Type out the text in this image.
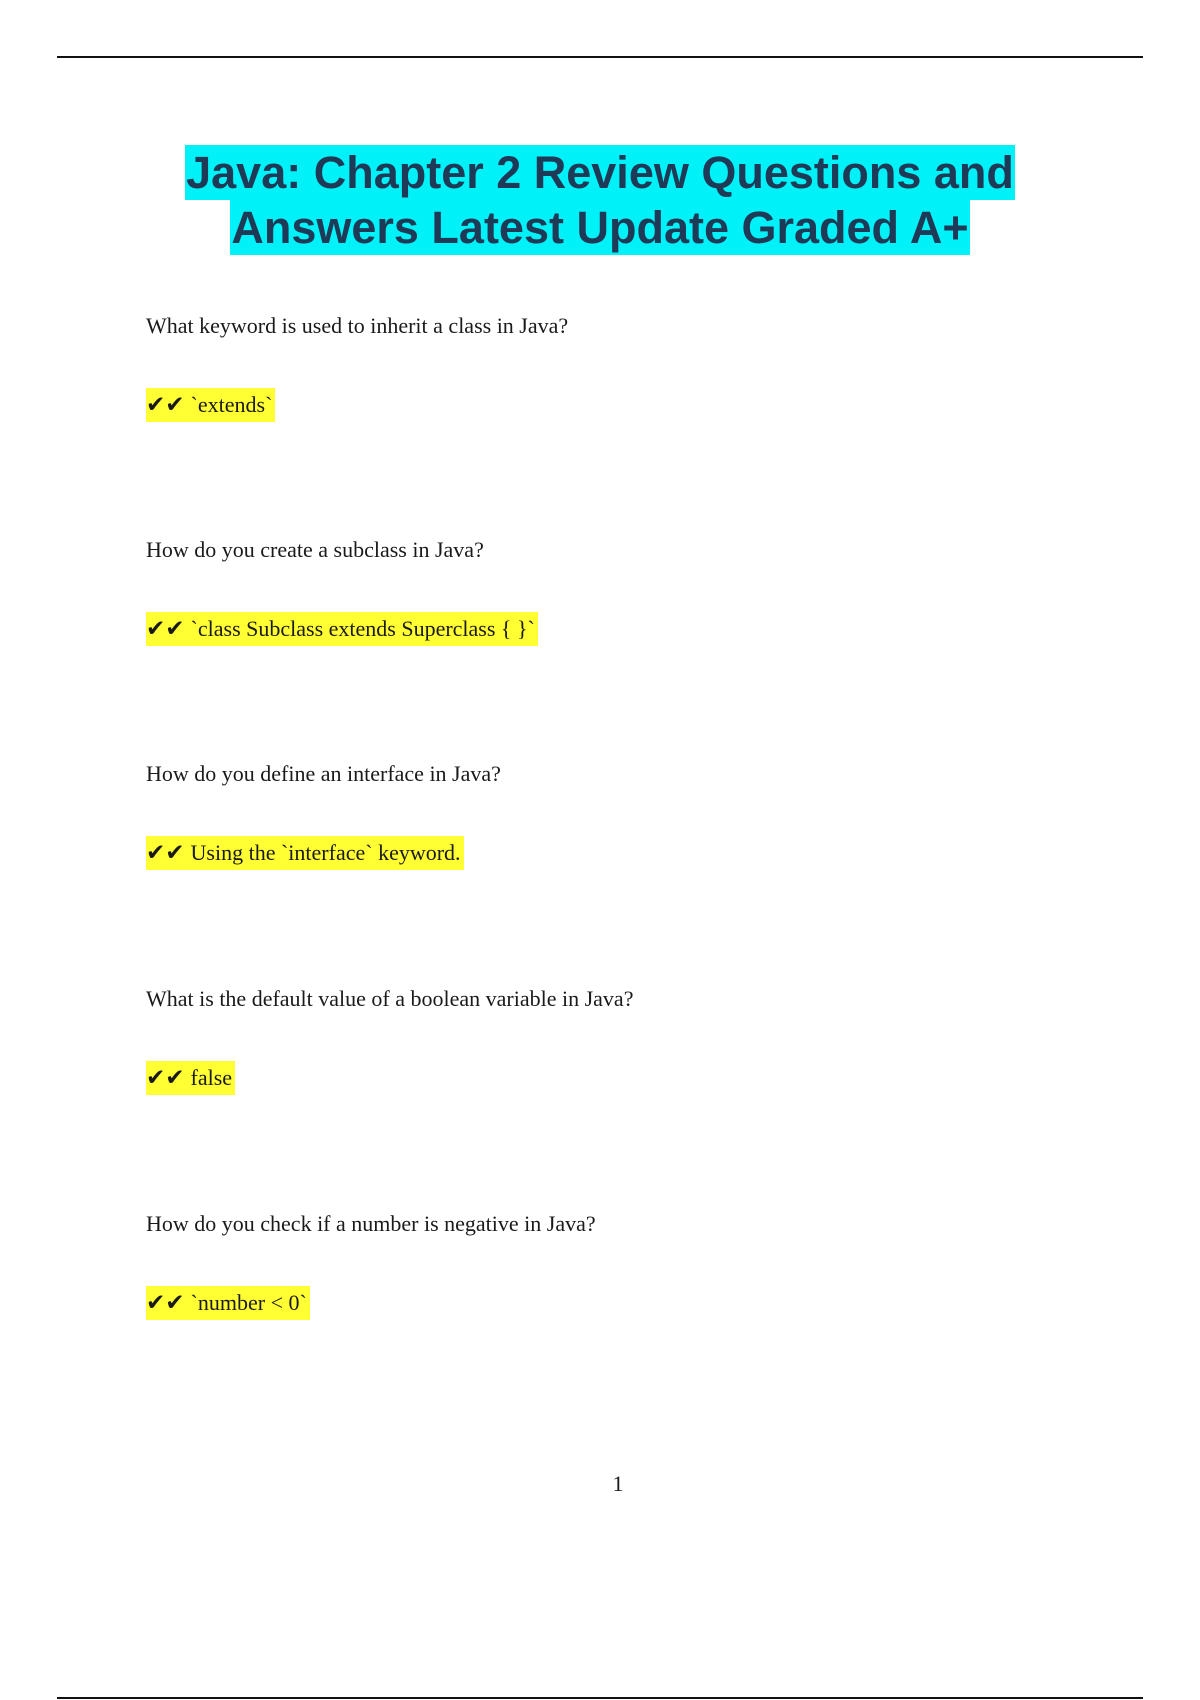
Java: Chapter 2 Review Questions and
Answers Latest Update Graded A+

What keyword is used to inherit a class in Java?

✔✔ `extends`

How do you create a subclass in Java?

✔✔ `class Subclass extends Superclass { }`

How do you define an interface in Java?

✔✔ Using the `interface` keyword.

What is the default value of a boolean variable in Java?

✔✔ false

How do you check if a number is negative in Java?

✔✔ `number < 0`
1
